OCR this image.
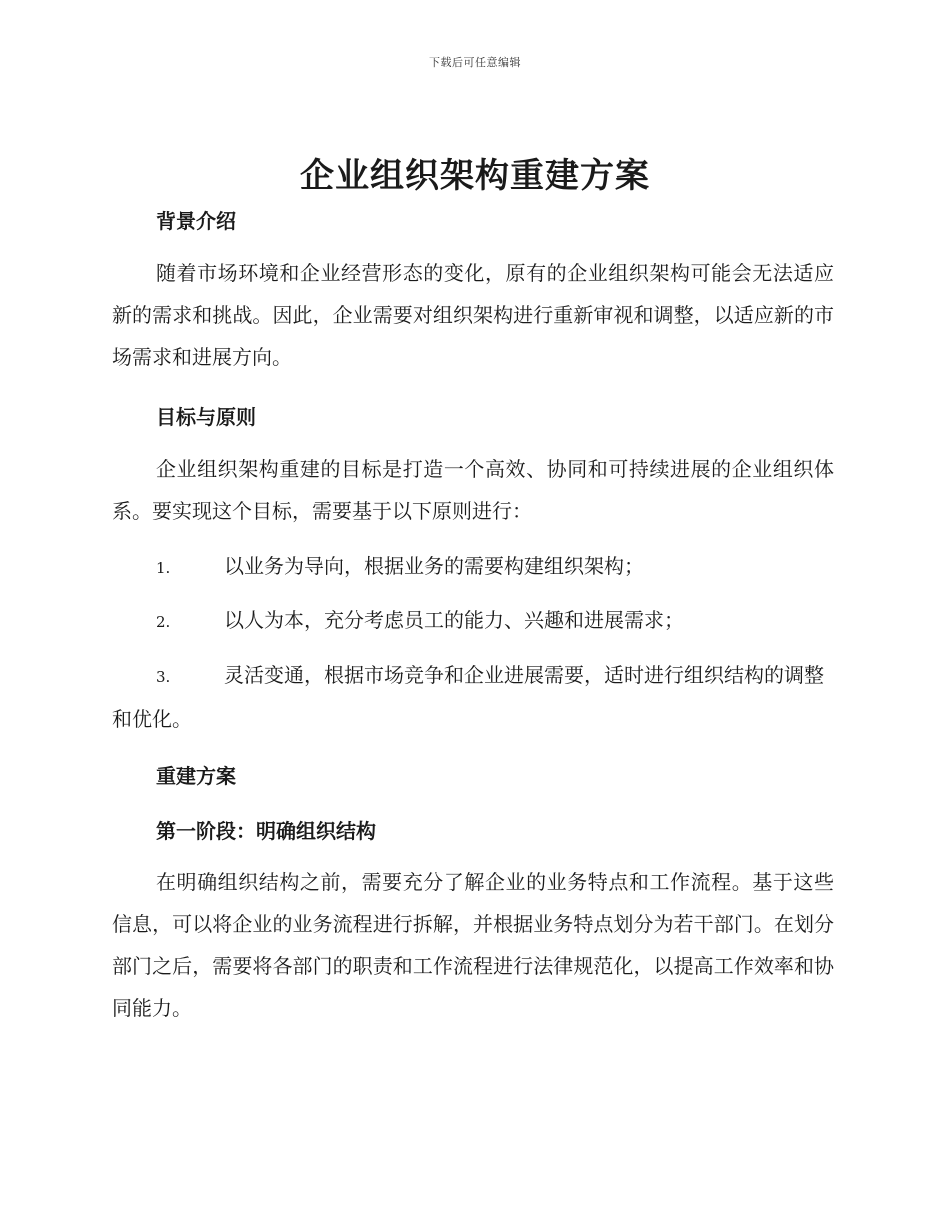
下载后可任意编辑
企业组织架构重建方案
背景介绍

随着市场环境和企业经营形态的变化，原有的企业组织架构可能会无法适应新的需求和挑战。因此，企业需要对组织架构进行重新审视和调整，以适应新的市场需求和进展方向。

目标与原则

企业组织架构重建的目标是打造一个高效、协同和可持续进展的企业组织体系。要实现这个目标，需要基于以下原则进行：

1.	以业务为导向，根据业务的需要构建组织架构；
2.	以人为本，充分考虑员工的能力、兴趣和进展需求；
3.	灵活变通，根据市场竞争和企业进展需要，适时进行组织结构的调整和优化。
重建方案
第一阶段：明确组织结构

在明确组织结构之前，需要充分了解企业的业务特点和工作流程。基于这些信息，可以将企业的业务流程进行拆解，并根据业务特点划分为若干部门。在划分部门之后，需要将各部门的职责和工作流程进行法律规范化，以提高工作效率和协同能力。
